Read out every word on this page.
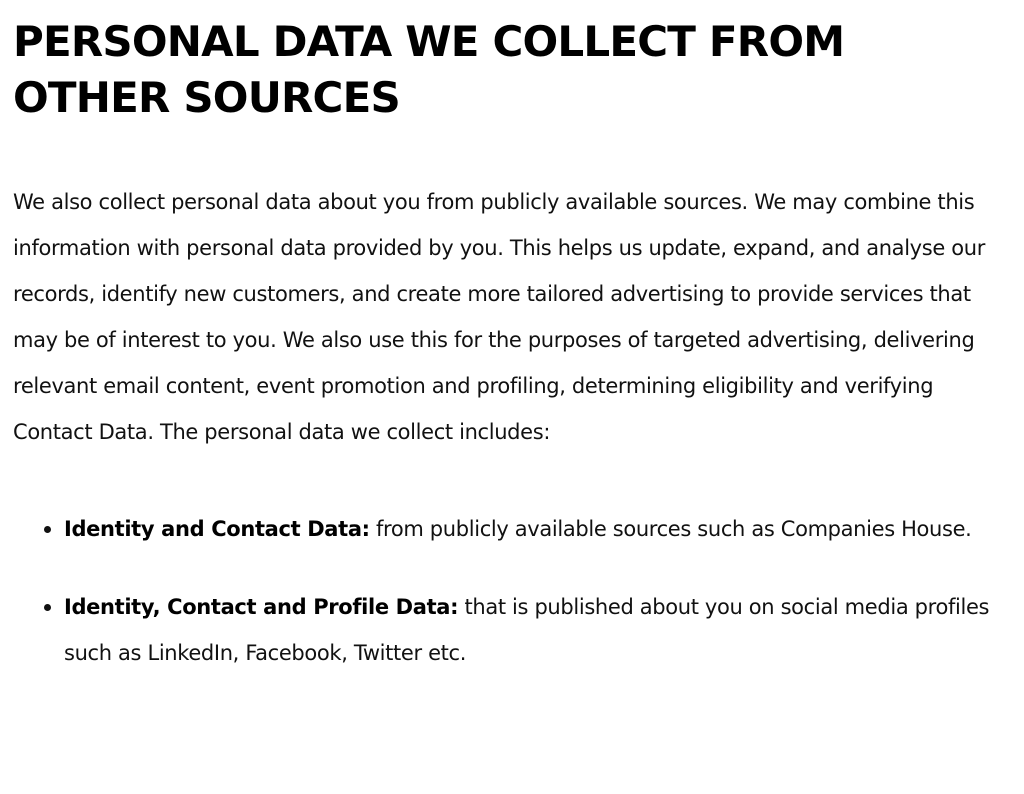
PERSONAL DATA WE COLLECT FROM OTHER SOURCES

We also collect personal data about you from publicly available sources. We may combine this information with personal data provided by you. This helps us update, expand, and analyse our records, identify new customers, and create more tailored advertising to provide services that may be of interest to you. We also use this for the purposes of targeted advertising, delivering relevant email content, event promotion and profiling, determining eligibility and verifying Contact Data. The personal data we collect includes:

Identity and Contact Data: from publicly available sources such as Companies House.
Identity, Contact and Profile Data: that is published about you on social media profiles such as LinkedIn, Facebook, Twitter etc.
